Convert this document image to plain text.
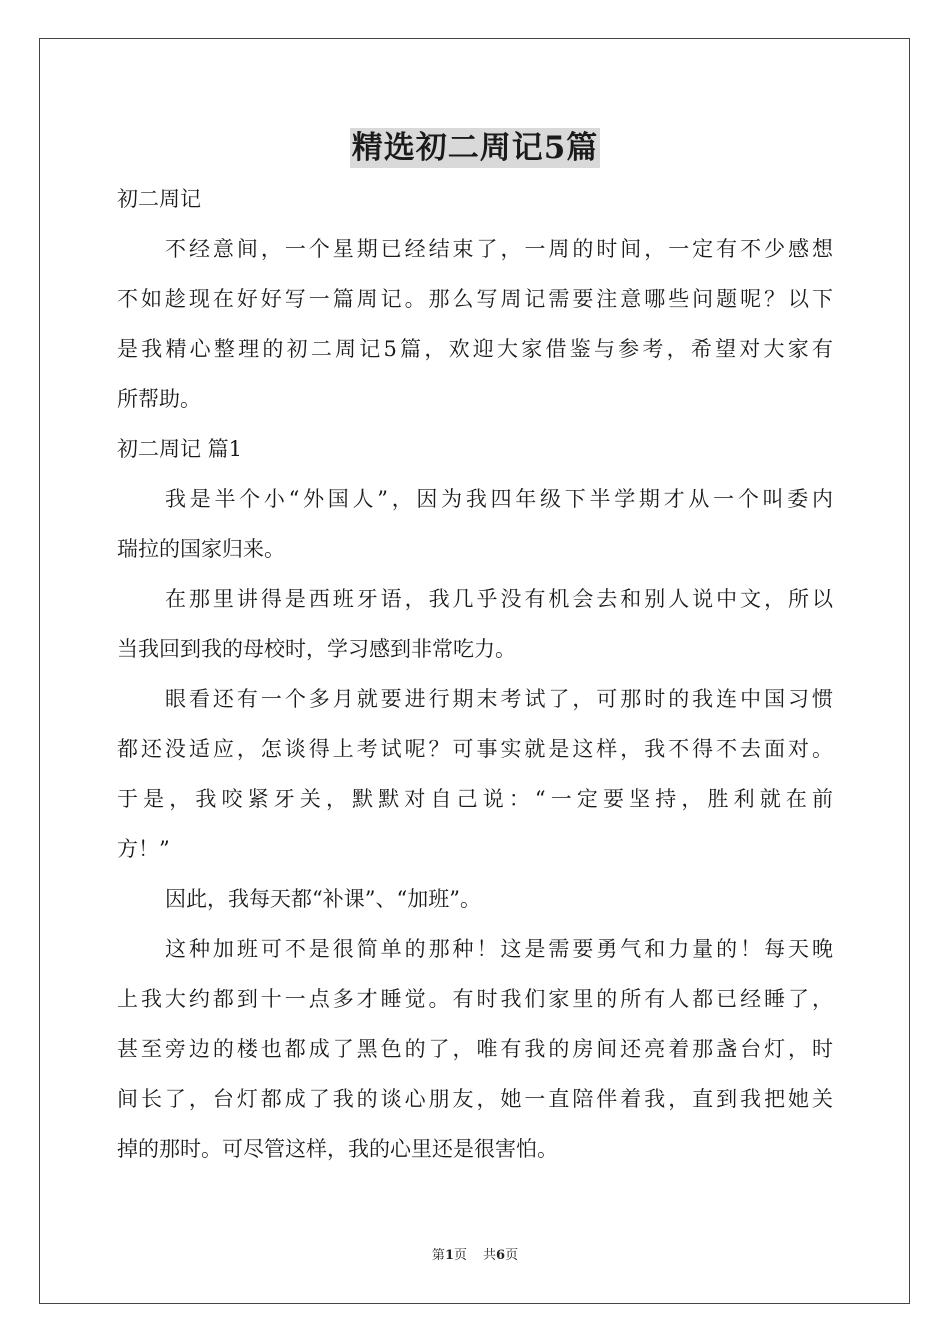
精选初二周记5篇
初二周记
不经意间，一个星期已经结束了，一周的时间，一定有不少感想
不如趁现在好好写一篇周记。那么写周记需要注意哪些问题呢？以下
是我精心整理的初二周记5篇，欢迎大家借鉴与参考，希望对大家有
所帮助。
初二周记 篇1
我是半个小“外国人”，因为我四年级下半学期才从一个叫委内
瑞拉的国家归来。
在那里讲得是西班牙语，我几乎没有机会去和别人说中文，所以
当我回到我的母校时，学习感到非常吃力。
眼看还有一个多月就要进行期末考试了，可那时的我连中国习惯
都还没适应，怎谈得上考试呢？可事实就是这样，我不得不去面对。
于是，我咬紧牙关，默默对自己说：“一定要坚持，胜利就在前
方！”
因此，我每天都“补课”、“加班”。
这种加班可不是很简单的那种！这是需要勇气和力量的！每天晚
上我大约都到十一点多才睡觉。有时我们家里的所有人都已经睡了，
甚至旁边的楼也都成了黑色的了，唯有我的房间还亮着那盏台灯，时
间长了，台灯都成了我的谈心朋友，她一直陪伴着我，直到我把她关
掉的那时。可尽管这样，我的心里还是很害怕。
第1页 共6页
